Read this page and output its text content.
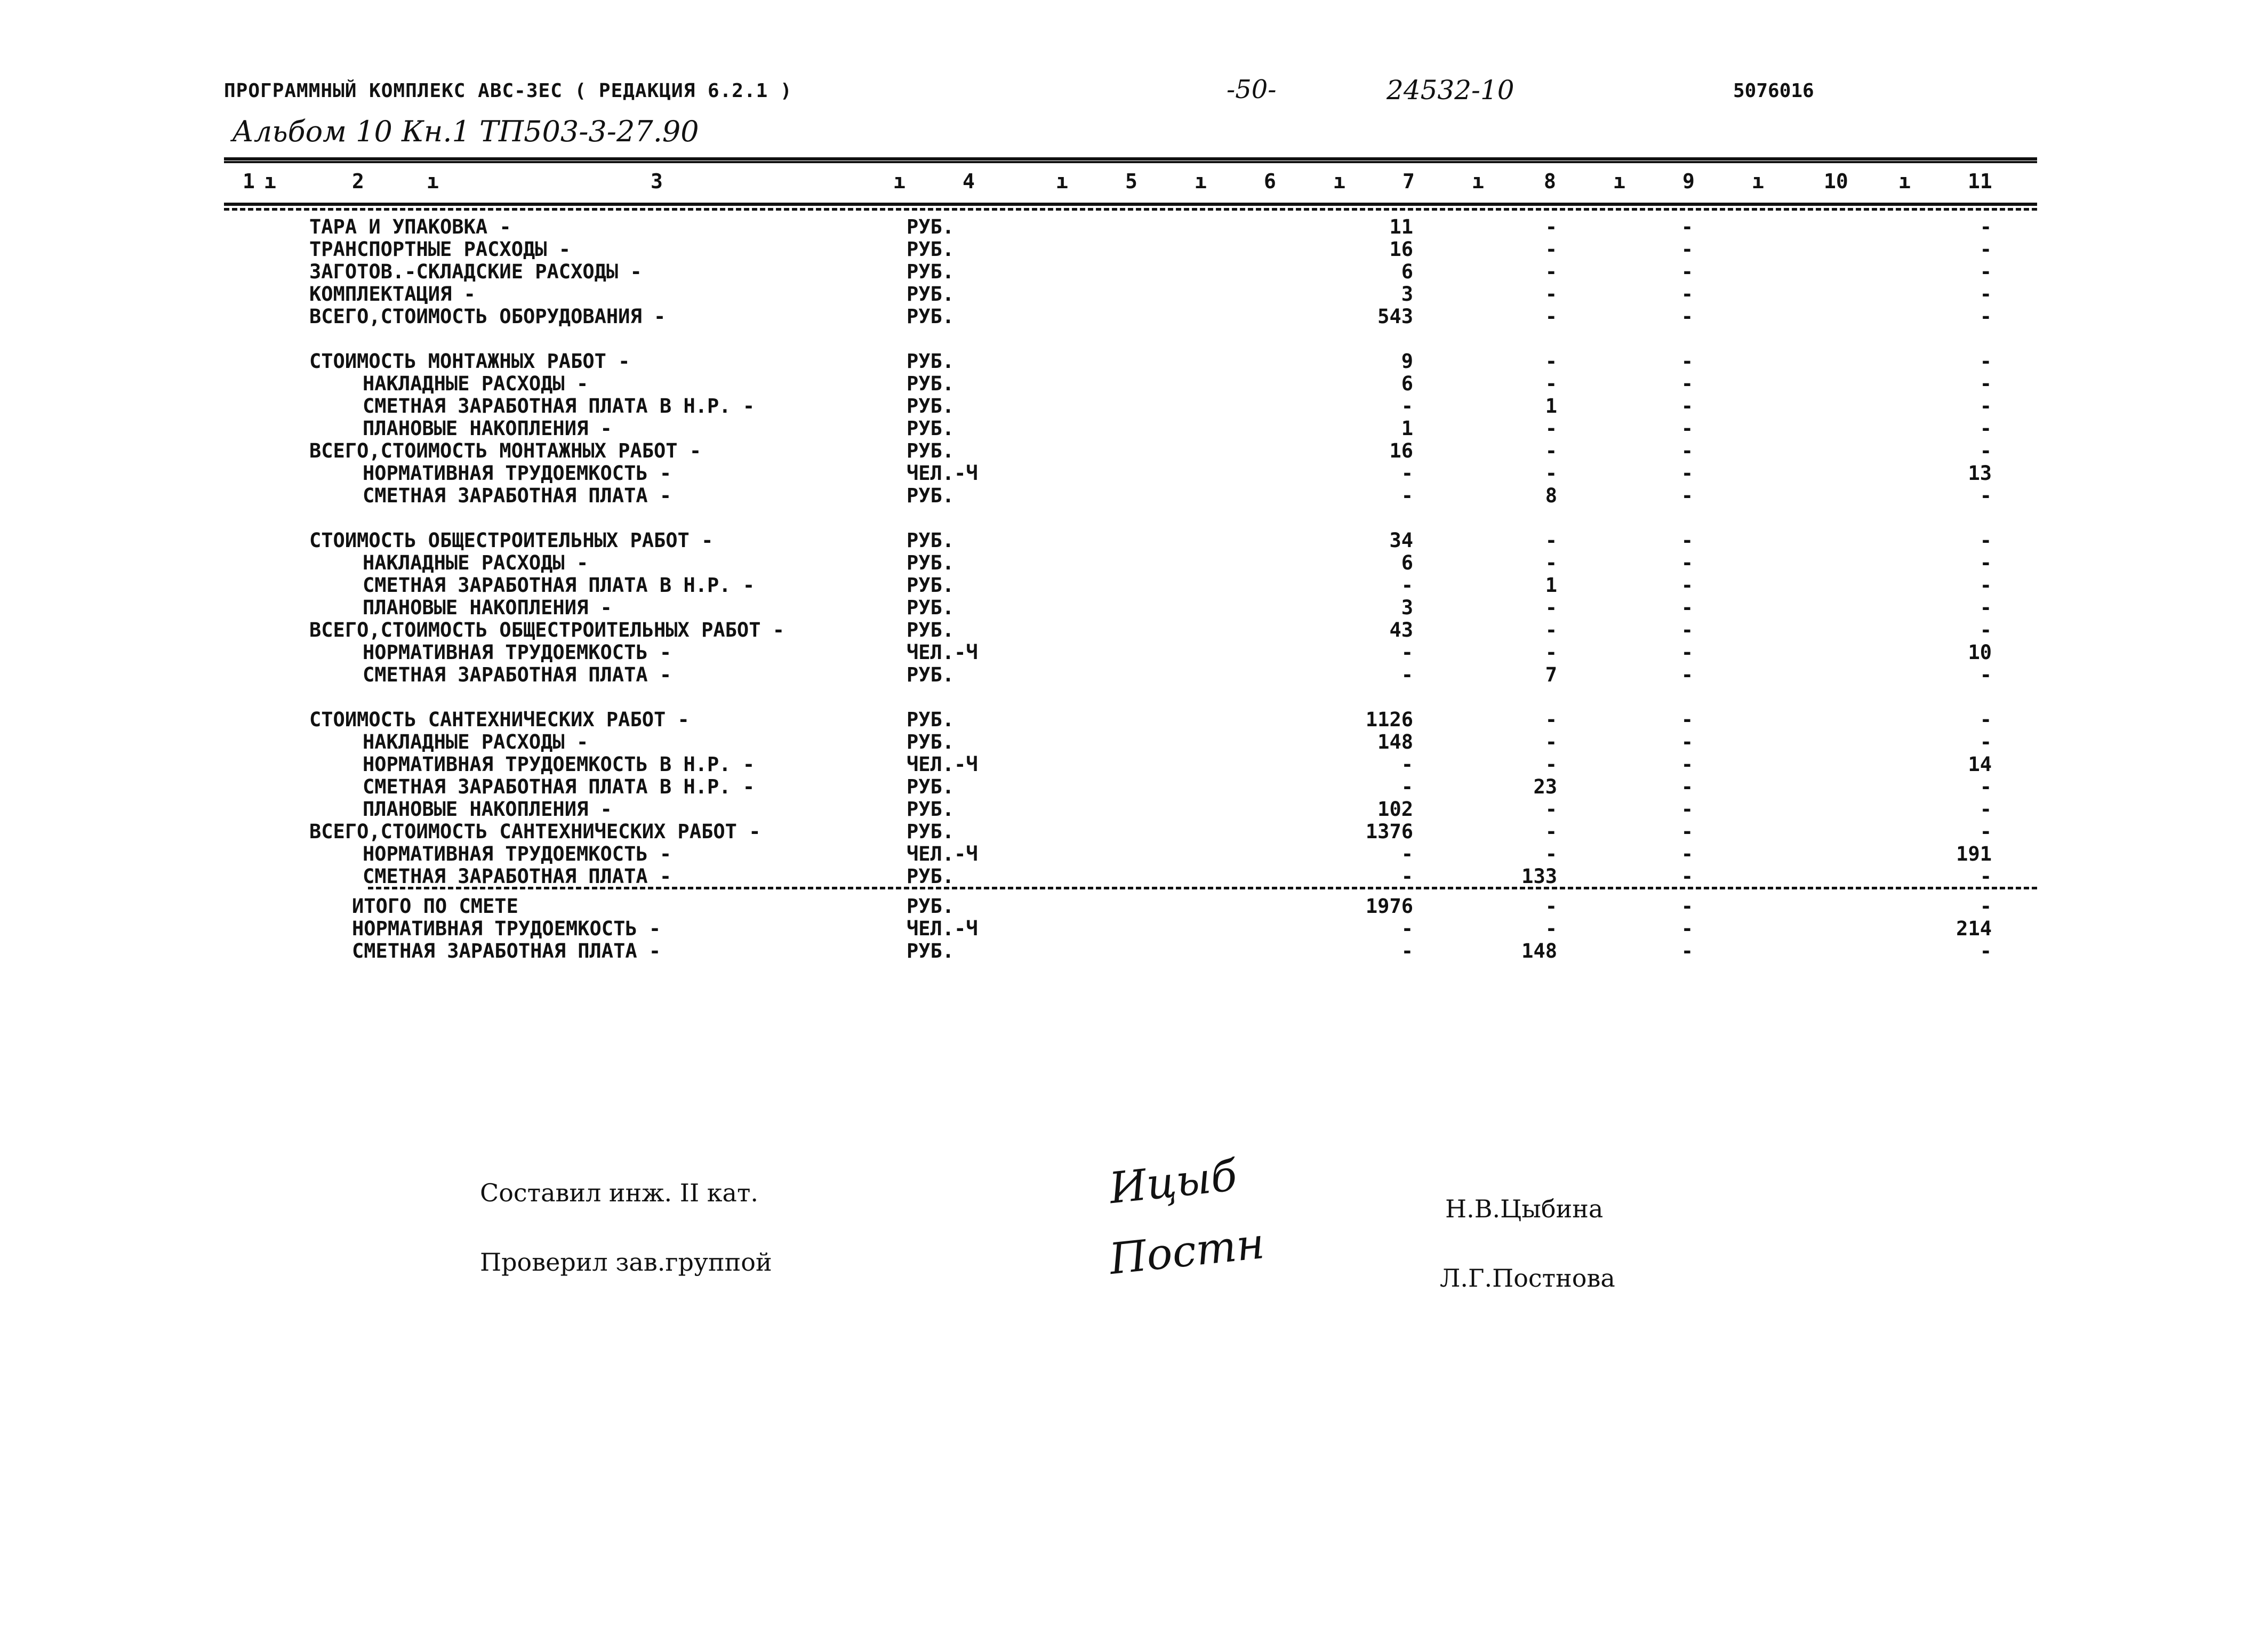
ПРОГРАММНЫЙ КОМПЛЕКС АВС-3ЕС ( РЕДАКЦИЯ 6.2.1 )	-50-	24532-10	5076016
Альбом 10 Кн.1 ТП503-3-27.90
1 ı	2	ı	3	ı	4	ı	5	ı	6	ı	7	ı	8	ı	9	ı	10 ı	11
ТАРА И УПАКОВКА -	РУБ.	11	-	-	-
ТРАНСПОРТНЫЕ РАСХОДЫ -	РУБ.	16	-	-	-
ЗАГОТОВ.-СКЛАДСКИЕ РАСХОДЫ -	РУБ.	6	-	-	-
КОМПЛЕКТАЦИЯ -	РУБ.	3	-	-	-
ВСЕГО,СТОИМОСТЬ ОБОРУДОВАНИЯ -	РУБ.	543	-	-	-
СТОИМОСТЬ МОНТАЖНЫХ РАБОТ -	РУБ.	9	-	-	-
НАКЛАДНЫЕ РАСХОДЫ -	РУБ.	6	-	-	-
СМЕТНАЯ ЗАРАБОТНАЯ ПЛАТА В Н.Р. -	РУБ.	-	1	-	-
ПЛАНОВЫЕ НАКОПЛЕНИЯ -	РУБ.	1	-	-	-
ВСЕГО,СТОИМОСТЬ МОНТАЖНЫХ РАБОТ -	РУБ.	16	-	-	-
НОРМАТИВНАЯ ТРУДОЕМКОСТЬ -	ЧЕЛ.-Ч	-	-	-	13
СМЕТНАЯ ЗАРАБОТНАЯ ПЛАТА -	РУБ.	-	8	-	-
СТОИМОСТЬ ОБЩЕСТРОИТЕЛЬНЫХ РАБОТ -	РУБ.	34	-	-	-
НАКЛАДНЫЕ РАСХОДЫ -	РУБ.	6	-	-	-
СМЕТНАЯ ЗАРАБОТНАЯ ПЛАТА В Н.Р. -	РУБ.	-	1	-	-
ПЛАНОВЫЕ НАКОПЛЕНИЯ -	РУБ.	3	-	-	-
ВСЕГО,СТОИМОСТЬ ОБЩЕСТРОИТЕЛЬНЫХ РАБОТ -	РУБ.	43	-	-	-
НОРМАТИВНАЯ ТРУДОЕМКОСТЬ -	ЧЕЛ.-Ч	-	-	-	10
СМЕТНАЯ ЗАРАБОТНАЯ ПЛАТА -	РУБ.	-	7	-	-
СТОИМОСТЬ САНТЕХНИЧЕСКИХ РАБОТ -	РУБ.	1126	-	-	-
НАКЛАДНЫЕ РАСХОДЫ -	РУБ.	148	-	-	-
НОРМАТИВНАЯ ТРУДОЕМКОСТЬ В Н.Р. -	ЧЕЛ.-Ч	-	-	-	14
СМЕТНАЯ ЗАРАБОТНАЯ ПЛАТА В Н.Р. -	РУБ.	-	23	-	-
ПЛАНОВЫЕ НАКОПЛЕНИЯ -	РУБ.	102	-	-	-
ВСЕГО,СТОИМОСТЬ САНТЕХНИЧЕСКИХ РАБОТ -	РУБ.	1376	-	-	-
НОРМАТИВНАЯ ТРУДОЕМКОСТЬ -	ЧЕЛ.-Ч	-	-	-	191
СМЕТНАЯ ЗАРАБОТНАЯ ПЛАТА -	РУБ.	-	133	-	-
ИТОГО ПО СМЕТЕ	РУБ.	1976	-	-	-
НОРМАТИВНАЯ ТРУДОЕМКОСТЬ -	ЧЕЛ.-Ч	-	-	-	214
СМЕТНАЯ ЗАРАБОТНАЯ ПЛАТА -	РУБ.	-	148	-	-
Составил инж. II кат.	Ицыб	Н.В.Цыбина
Проверил зав.группой	Постн	Л.Г.Постнова
